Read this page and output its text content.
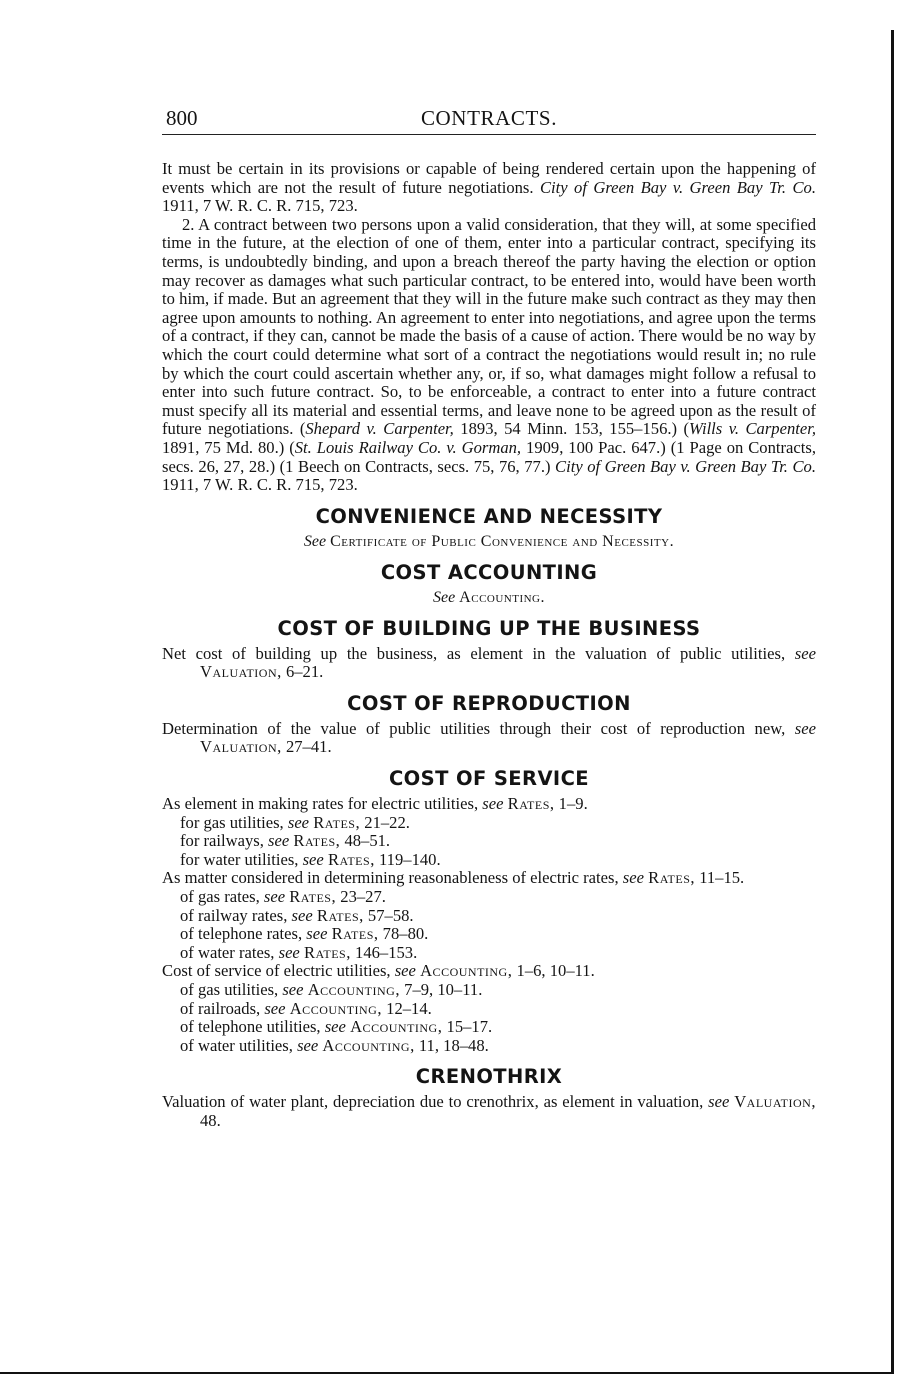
800	CONTRACTS.

It must be certain in its provisions or capable of being rendered certain upon the happening of events which are not the result of future negotiations. City of Green Bay v. Green Bay Tr. Co. 1911, 7 W. R. C. R. 715, 723.

2. A contract between two persons upon a valid consideration, that they will, at some specified time in the future, at the election of one of them, enter into a particular contract, specifying its terms, is undoubtedly binding, and upon a breach thereof the party having the election or option may recover as damages what such particular contract, to be entered into, would have been worth to him, if made. But an agreement that they will in the future make such contract as they may then agree upon amounts to nothing. An agreement to enter into negotiations, and agree upon the terms of a contract, if they can, cannot be made the basis of a cause of action. There would be no way by which the court could determine what sort of a contract the negotiations would result in; no rule by which the court could ascertain whether any, or, if so, what damages might follow a refusal to enter into such future contract. So, to be enforceable, a contract to enter into a future contract must specify all its material and essential terms, and leave none to be agreed upon as the result of future negotiations. (Shepard v. Carpenter, 1893, 54 Minn. 153, 155–156.) (Wills v. Carpenter, 1891, 75 Md. 80.) (St. Louis Railway Co. v. Gorman, 1909, 100 Pac. 647.) (1 Page on Contracts, secs. 26, 27, 28.) (1 Beech on Contracts, secs. 75, 76, 77.) City of Green Bay v. Green Bay Tr. Co. 1911, 7 W. R. C. R. 715, 723.

CONVENIENCE AND NECESSITY
See Certificate of Public Convenience and Necessity.
COST ACCOUNTING
See Accounting.
COST OF BUILDING UP THE BUSINESS

Net cost of building up the business, as element in the valuation of public utilities, see Valuation, 6–21.

COST OF REPRODUCTION

Determination of the value of public utilities through their cost of reproduction new, see Valuation, 27–41.

COST OF SERVICE

As element in making rates for electric utilities, see Rates, 1–9.

for gas utilities, see Rates, 21–22.

for railways, see Rates, 48–51.

for water utilities, see Rates, 119–140.

As matter considered in determining reasonableness of electric rates, see Rates, 11–15.

of gas rates, see Rates, 23–27.

of railway rates, see Rates, 57–58.

of telephone rates, see Rates, 78–80.

of water rates, see Rates, 146–153.

Cost of service of electric utilities, see Accounting, 1–6, 10–11.

of gas utilities, see Accounting, 7–9, 10–11.

of railroads, see Accounting, 12–14.

of telephone utilities, see Accounting, 15–17.

of water utilities, see Accounting, 11, 18–48.

CRENOTHRIX

Valuation of water plant, depreciation due to crenothrix, as element in valuation, see Valuation, 48.
